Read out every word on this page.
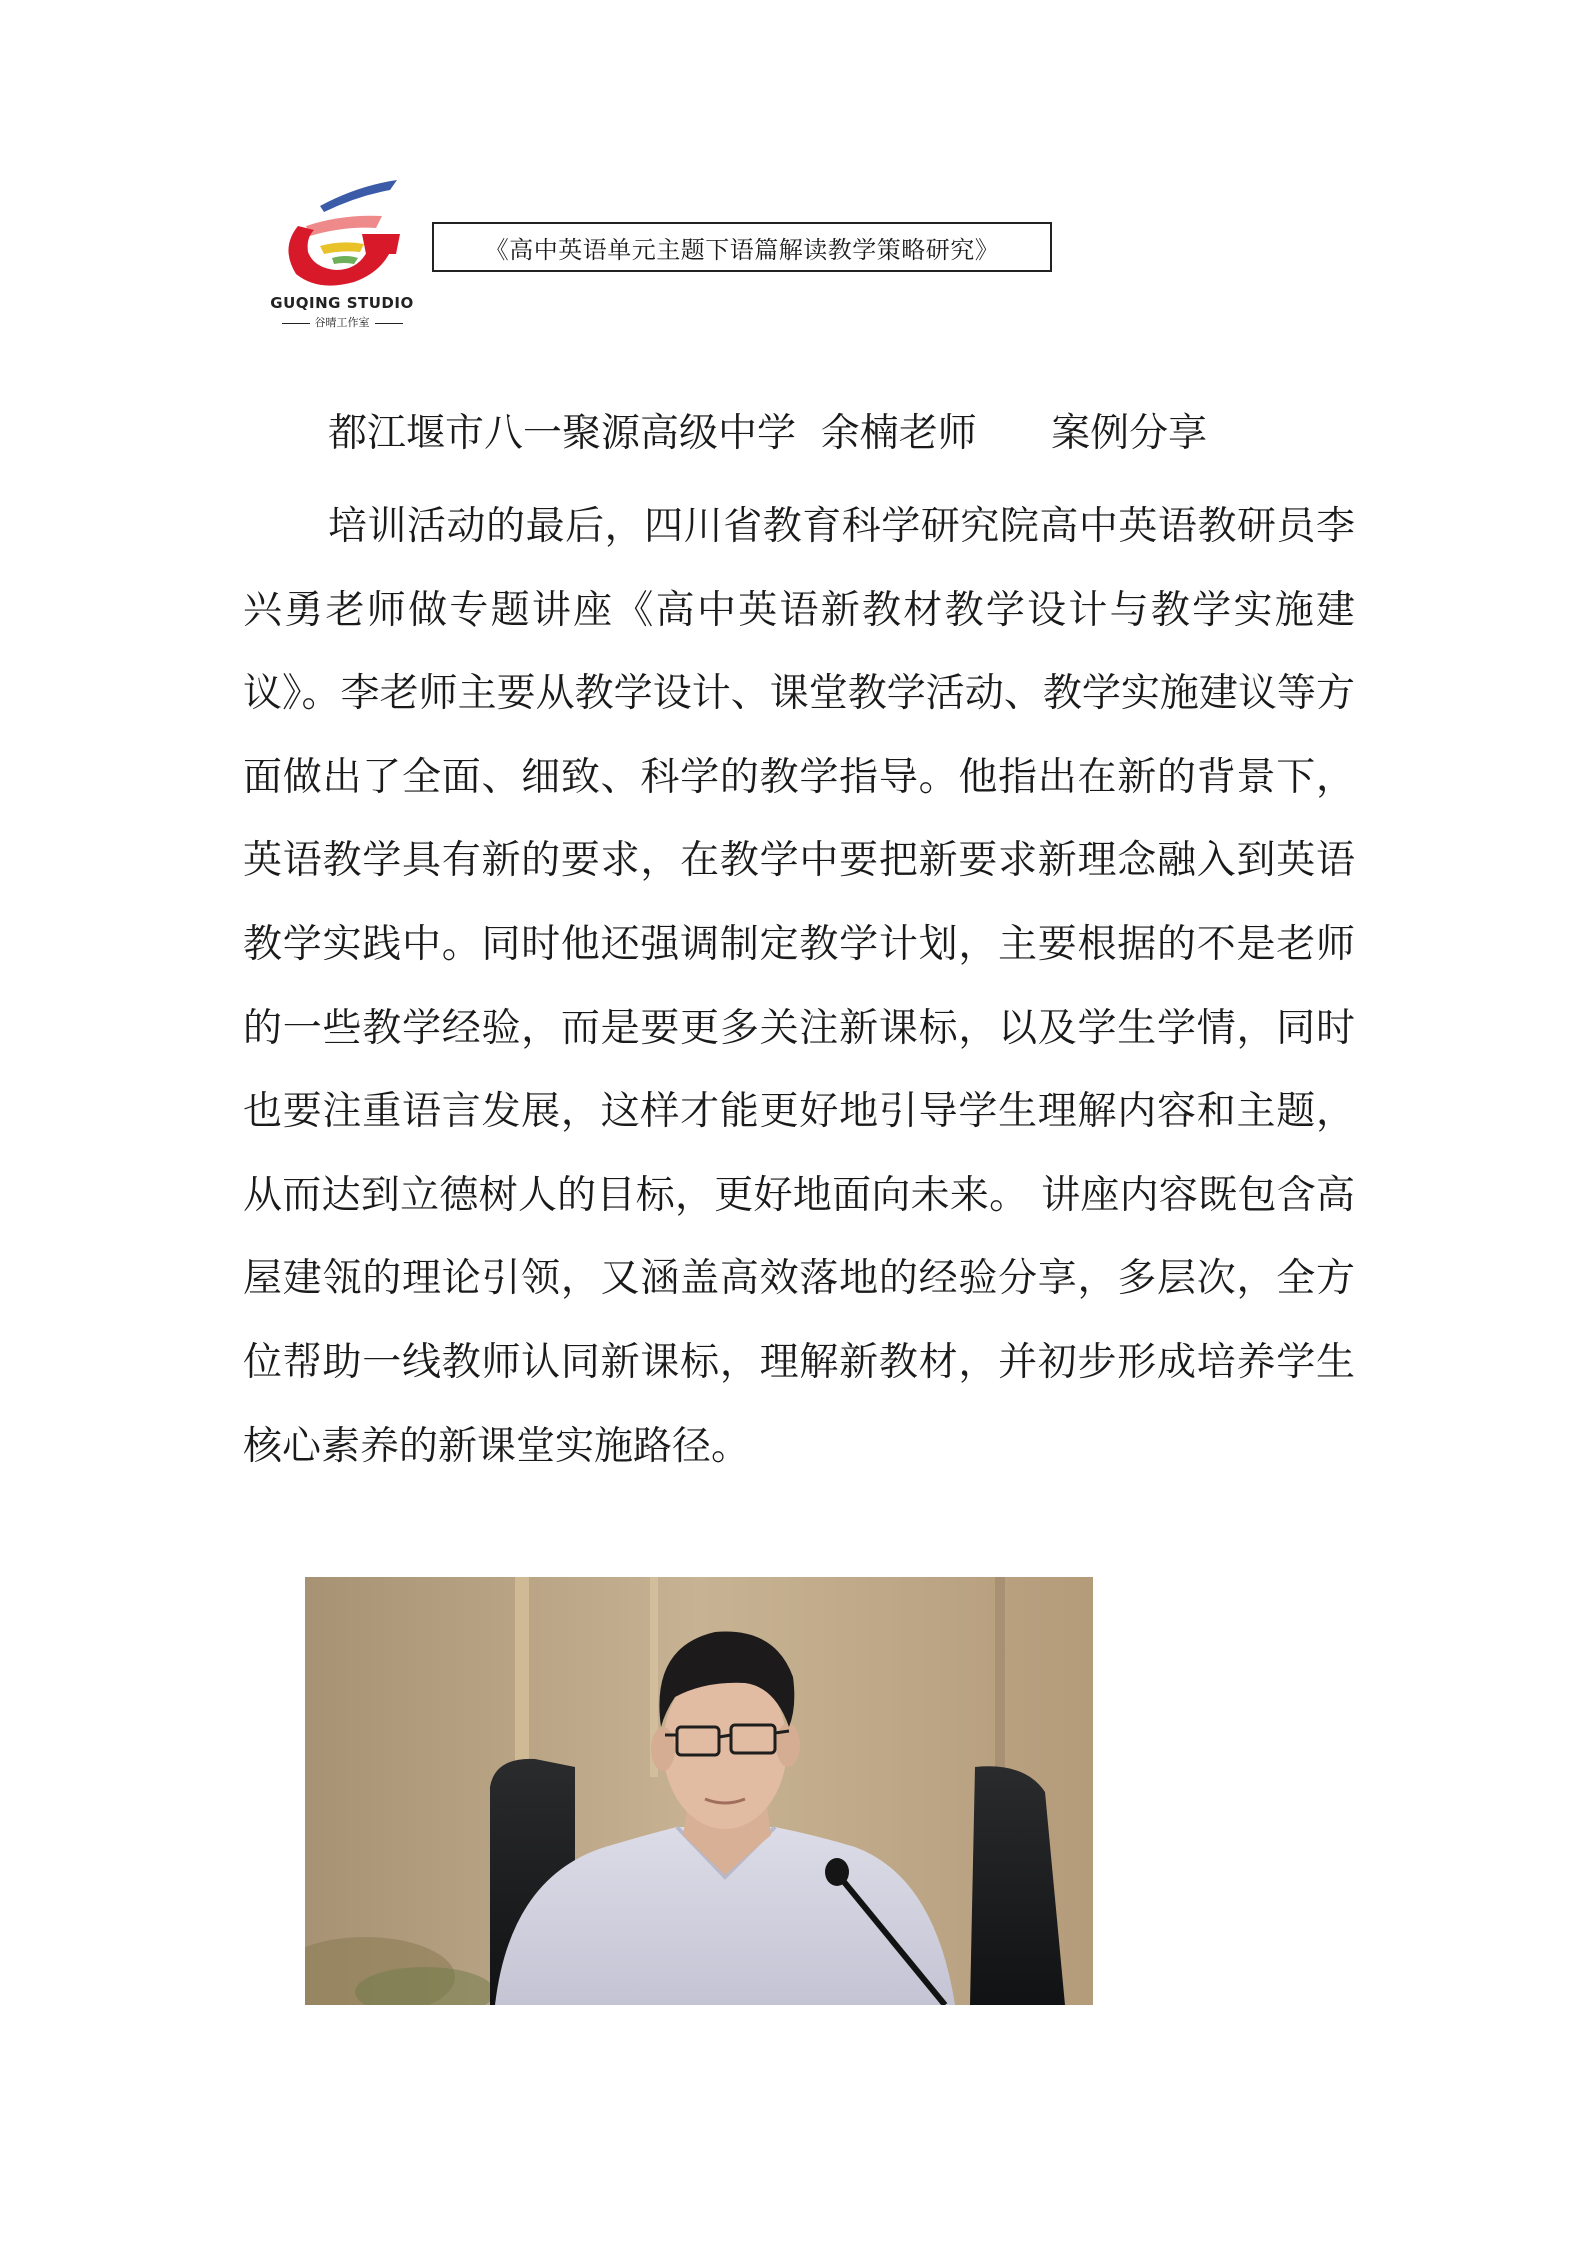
GUQING STUDIO
谷晴工作室
《高中英语单元主题下语篇解读教学策略研究》
都江堰市八一聚源高级中学  余楠老师      案例分享

培训活动的最后，四川省教育科学研究院高中英语教研员李兴勇老师做专题讲座《高中英语新教材教学设计与教学实施建议》。李老师主要从教学设计、课堂教学活动、教学实施建议等方面做出了全面、细致、科学的教学指导。他指出在新的背景下，英语教学具有新的要求，在教学中要把新要求新理念融入到英语教学实践中。同时他还强调制定教学计划，主要根据的不是老师的一些教学经验，而是要更多关注新课标，以及学生学情，同时也要注重语言发展，这样才能更好地引导学生理解内容和主题，从而达到立德树人的目标，更好地面向未来。 讲座内容既包含高屋建瓴的理论引领，又涵盖高效落地的经验分享，多层次，全方位帮助一线教师认同新课标，理解新教材，并初步形成培养学生核心素养的新课堂实施路径。
